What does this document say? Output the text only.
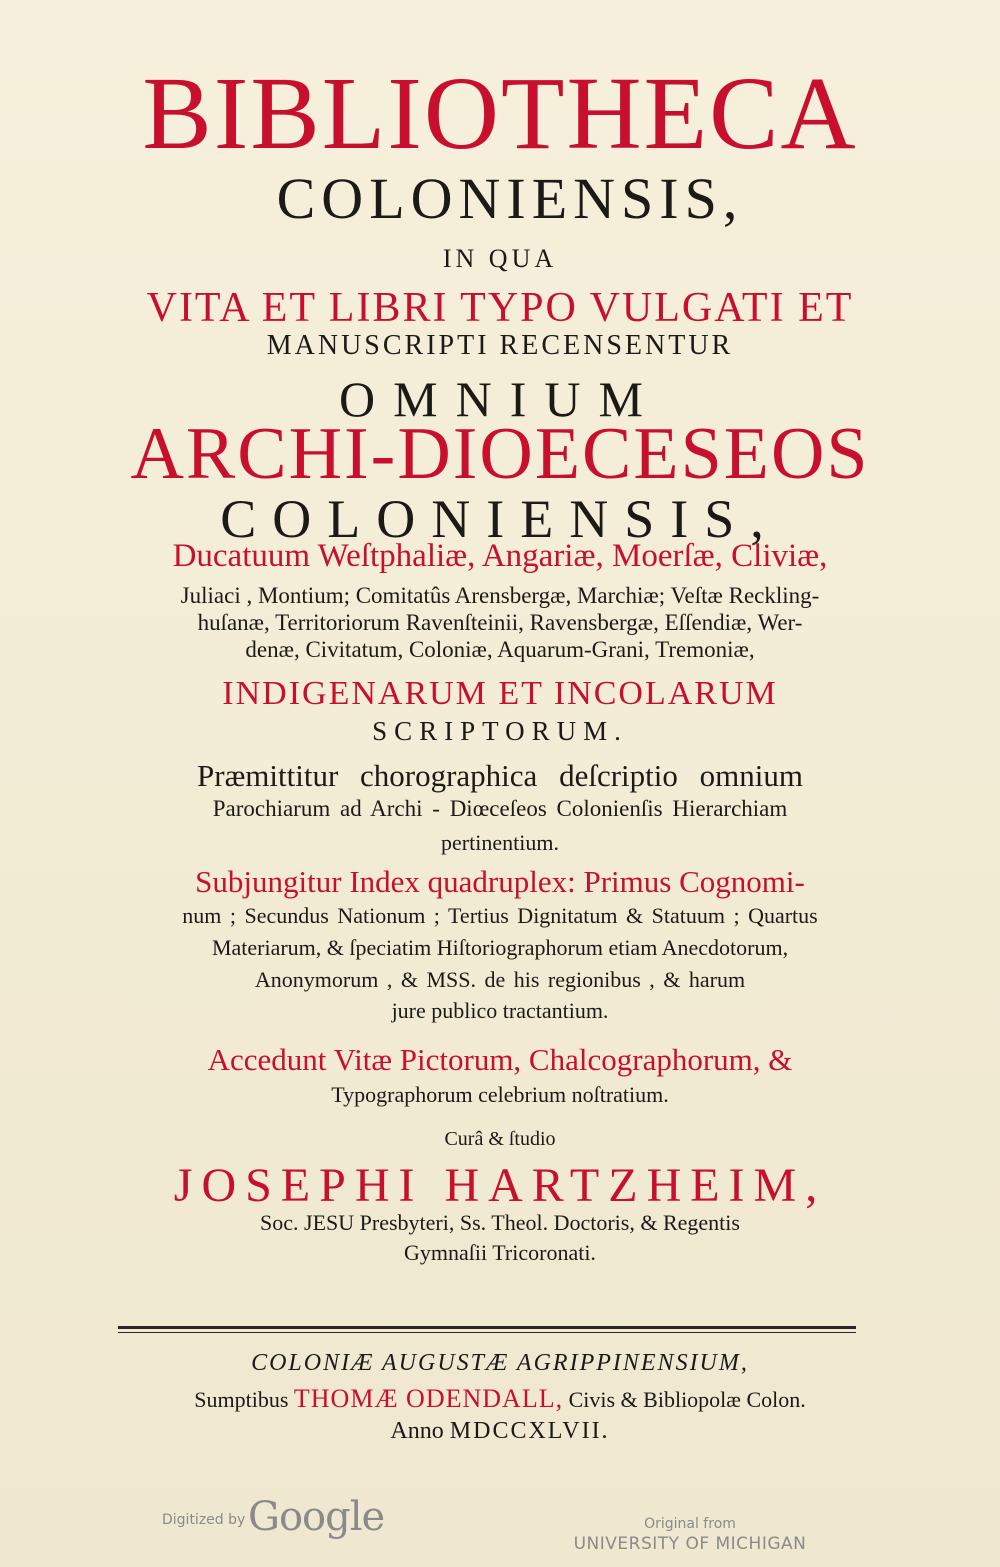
BIBLIOTHECA
COLONIENSIS,
IN QUA
VITA ET LIBRI TYPO VULGATI ET
MANUSCRIPTI RECENSENTUR
OMNIUM
ARCHI-DIOECESEOS
COLONIENSIS,
Ducatuum Weſtphaliæ, Angariæ, Moerſæ, Cliviæ,
Juliaci , Montium; Comitatûs Arensbergæ, Marchiæ; Veſtæ Reckling-
huſanæ, Territoriorum Ravenſteinii, Ravensbergæ, Eſſendiæ, Wer-
denæ, Civitatum, Coloniæ, Aquarum-Grani, Tremoniæ,
INDIGENARUM ET INCOLARUM
SCRIPTORUM.
Præmittitur chorographica deſcriptio omnium
Parochiarum ad Archi - Diœceſeos Colonienſis Hierarchiam
pertinentium.
Subjungitur Index quadruplex: Primus Cognomi-
num ; Secundus Nationum ; Tertius Dignitatum & Statuum ; Quartus
Materiarum, & ſpeciatim Hiſtoriographorum etiam Anecdotorum,
Anonymorum , & MSS. de his regionibus , & harum
jure publico tractantium.
Accedunt Vitæ Pictorum, Chalcographorum, &
Typographorum celebrium noſtratium.
Curâ & ſtudio
JOSEPHI HARTZHEIM,
Soc. JESU Presbyteri, Ss. Theol. Doctoris, & Regentis
Gymnaſii Tricoronati.
COLONIÆ AUGUSTÆ AGRIPPINENSIUM,
Sumptibus THOMÆ ODENDALL, Civis & Bibliopolæ Colon.
Anno MDCCXLVII.
Digitized by Google	Original from
UNIVERSITY OF MICHIGAN
